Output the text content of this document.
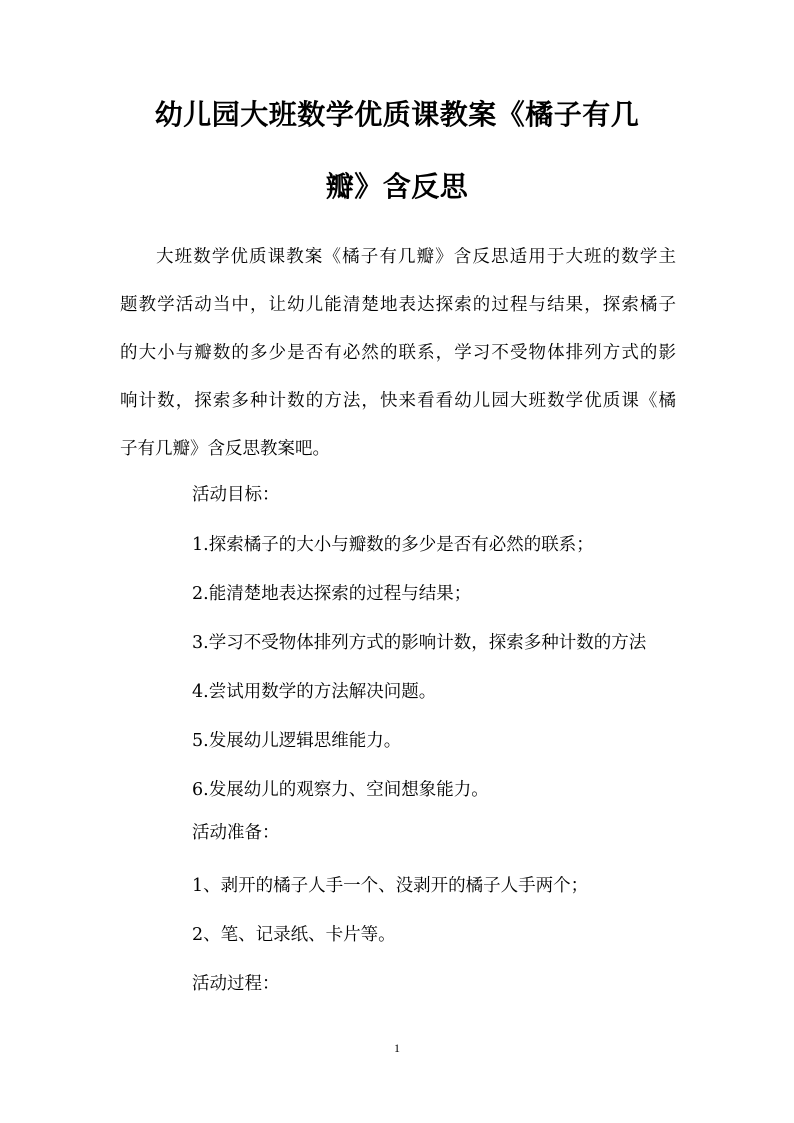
幼儿园大班数学优质课教案《橘子有几
瓣》含反思
大班数学优质课教案《橘子有几瓣》含反思适用于大班的数学主
题教学活动当中，让幼儿能清楚地表达探索的过程与结果，探索橘子
的大小与瓣数的多少是否有必然的联系，学习不受物体排列方式的影
响计数，探索多种计数的方法，快来看看幼儿园大班数学优质课《橘
子有几瓣》含反思教案吧。
活动目标：
1.探索橘子的大小与瓣数的多少是否有必然的联系；
2.能清楚地表达探索的过程与结果；
3.学习不受物体排列方式的影响计数，探索多种计数的方法
4.尝试用数学的方法解决问题。
5.发展幼儿逻辑思维能力。
6.发展幼儿的观察力、空间想象能力。
活动准备：
1、剥开的橘子人手一个、没剥开的橘子人手两个；
2、笔、记录纸、卡片等。
活动过程：
1
